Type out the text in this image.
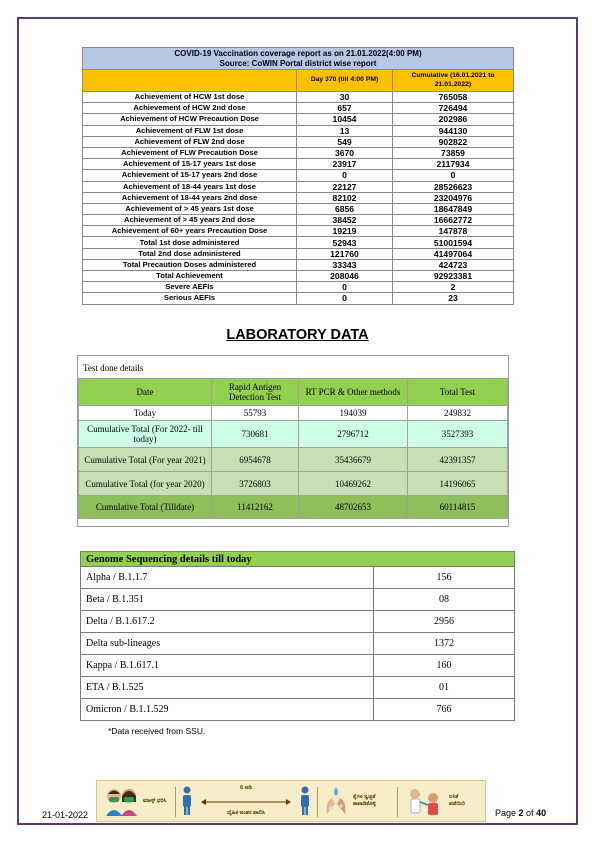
COVID-19 Vaccination coverage report as on 21.01.2022(4:00 PM)
Source: CoWIN Portal district wise report		

	Day 370 (till 4:00 PM)	Cumulative (16.01.2021 to 21.01.2022)
Achievement of HCW 1st dose	30	765058
Achievement of HCW 2nd dose	657	726494
Achievement of HCW Precaution Dose	10454	202986
Achievement of FLW 1st dose	13	944130
Achievement of FLW 2nd dose	549	902822
Achievement of FLW Precaution Dose	3670	73859
Achievement of 15-17 years 1st dose	23917	2117934
Achievement of 15-17 years 2nd dose	0	0
Achievement of 18-44 years 1st dose	22127	28526623
Achievement of 18-44 years 2nd dose	82102	23204976
Achievement of > 45 years 1st dose	6856	18647849
Achievement of > 45 years 2nd dose	38452	16662772
Achievement of 60+ years Precaution Dose	19219	147878
Total 1st dose administered	52943	51001594
Total 2nd dose administered	121760	41497064
Total Precaution Doses administered	33343	424723
Total Achievement	208046	92923381
Severe AEFIs	0	2
Serious AEFIs	0	23
LABORATORY DATA
Test done details
Date	Rapid Antigen Detection Test	RT PCR & Other methods	Total Test
Today	55793	194039	249832
Cumulative Total (For 2022- till today)	730681	2796712	3527393
Cumulative Total (For year 2021)	6954678	35436679	42391357
Cumulative Total (for year 2020)	3726803	10469262	14196065
Cumulative Total (Tilldate)	11412162	48702653	60114815
Genome Sequencing details till today	
Alpha / B.1.1.7	156
Beta / B.1.351	08
Delta / B.1.617.2	2956
Delta sub-lineages	1372
Kappa / B.1.617.1	160
ETA / B.1.525	01
Omicron / B.1.1.529	766
*Data received from SSU.
21-01-2022
ಮಾಸ್ಕ್ ಧರಿಸಿ
6 ಅಡಿ
ದೈಹಿಕ ಅಂತರ ಪಾಲಿಸಿ
ಕೈಗಳ ಸ್ವಚ್ಛತೆ ಕಾಪಾಡಿಕೊಳ್ಳಿ
ಲಸಿಕೆ ಪಡೆಯಿರಿ
Page 2 of 40
